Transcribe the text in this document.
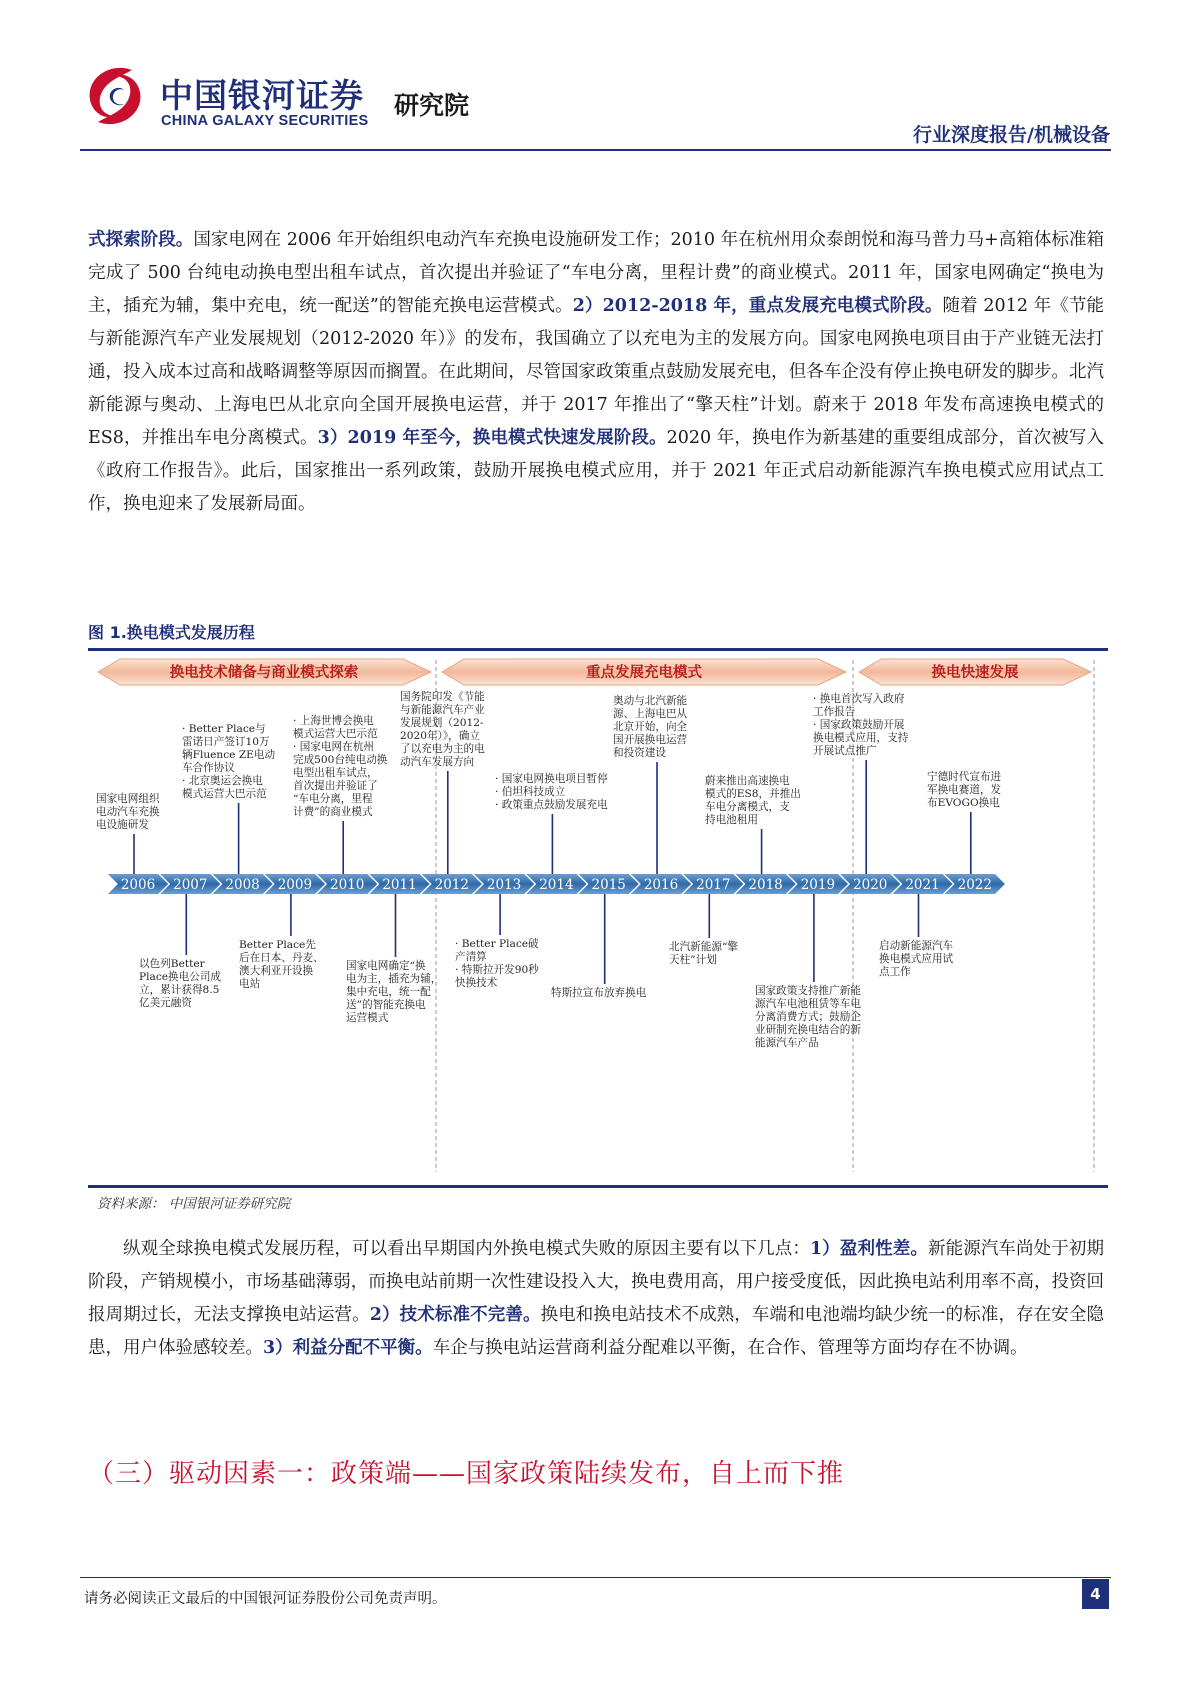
中国银河证券
CHINA GALAXY SECURITIES
研究院
行业深度报告/机械设备
式探索阶段。国家电网在 2006 年开始组织电动汽车充换电设施研发工作；2010 年在杭州用众泰朗悦和海马普力马+高箱体标准箱完成了 500 台纯电动换电型出租车试点，首次提出并验证了“车电分离，里程计费”的商业模式。2011 年，国家电网确定“换电为主，插充为辅，集中充电，统一配送”的智能充换电运营模式。2）2012-2018 年，重点发展充电模式阶段。随着 2012 年《节能与新能源汽车产业发展规划（2012-2020 年）》的发布，我国确立了以充电为主的发展方向。国家电网换电项目由于产业链无法打通，投入成本过高和战略调整等原因而搁置。在此期间，尽管国家政策重点鼓励发展充电，但各车企没有停止换电研发的脚步。北汽新能源与奥动、上海电巴从北京向全国开展换电运营，并于 2017 年推出了“擎天柱”计划。蔚来于 2018 年发布高速换电模式的 ES8，并推出车电分离模式。3）2019 年至今，换电模式快速发展阶段。2020 年，换电作为新基建的重要组成部分，首次被写入《政府工作报告》。此后，国家推出一系列政策，鼓励开展换电模式应用，并于 2021 年正式启动新能源汽车换电模式应用试点工作，换电迎来了发展新局面。
图 1.换电模式发展历程
换电技术储备与商业模式探索	重点发展充电模式	换电快速发展
2006 2007 2008 2009 2010 2011 2012 2013 2014 2015 2016 2017 2018 2019 2020 2021 2022
国家电网组织电动汽车充换电设施研发
· Better Place与雷诺日产签订10万辆Fluence ZE电动车合作协议· 北京奥运会换电模式运营大巴示范
· 上海世博会换电模式运营大巴示范· 国家电网在杭州完成500台纯电动换电型出租车试点，首次提出并验证了“车电分离，里程计费”的商业模式
国务院印发《节能与新能源汽车产业发展规划（2012-2020年）》，确立了以充电为主的电动汽车发展方向
· 国家电网换电项目暂停· 伯坦科技成立· 政策重点鼓励发展充电
奥动与北汽新能源、上海电巴从北京开始，向全国开展换电运营和投资建设
蔚来推出高速换电模式的ES8，并推出车电分离模式，支持电池租用
· 换电首次写入政府工作报告· 国家政策鼓励开展换电模式应用，支持开展试点推广
宁德时代宣布进军换电赛道，发布EVOGO换电
以色列Better Place换电公司成立，累计获得8.5 亿美元融资
Better Place先后在日本、丹麦、澳大利亚开设换电站
国家电网确定“换电为主，插充为辅，集中充电，统一配送”的智能充换电运营模式
· Better Place破产清算· 特斯拉开发90秒快换技术
特斯拉宣布放弃换电
北汽新能源“擎天柱”计划
国家政策支持推广新能源汽车电池租赁等车电分离消费方式；鼓励企业研制充换电结合的新能源汽车产品
启动新能源汽车换电模式应用试点工作
资料来源： 中国银河证券研究院
纵观全球换电模式发展历程，可以看出早期国内外换电模式失败的原因主要有以下几点：1）盈利性差。新能源汽车尚处于初期阶段，产销规模小，市场基础薄弱，而换电站前期一次性建设投入大，换电费用高，用户接受度低，因此换电站利用率不高，投资回报周期过长，无法支撑换电站运营。2）技术标准不完善。换电和换电站技术不成熟，车端和电池端均缺少统一的标准，存在安全隐患，用户体验感较差。3）利益分配不平衡。车企与换电站运营商利益分配难以平衡，在合作、管理等方面均存在不协调。
（三）驱动因素一：政策端——国家政策陆续发布，自上而下推
请务必阅读正文最后的中国银河证券股份公司免责声明。	4
